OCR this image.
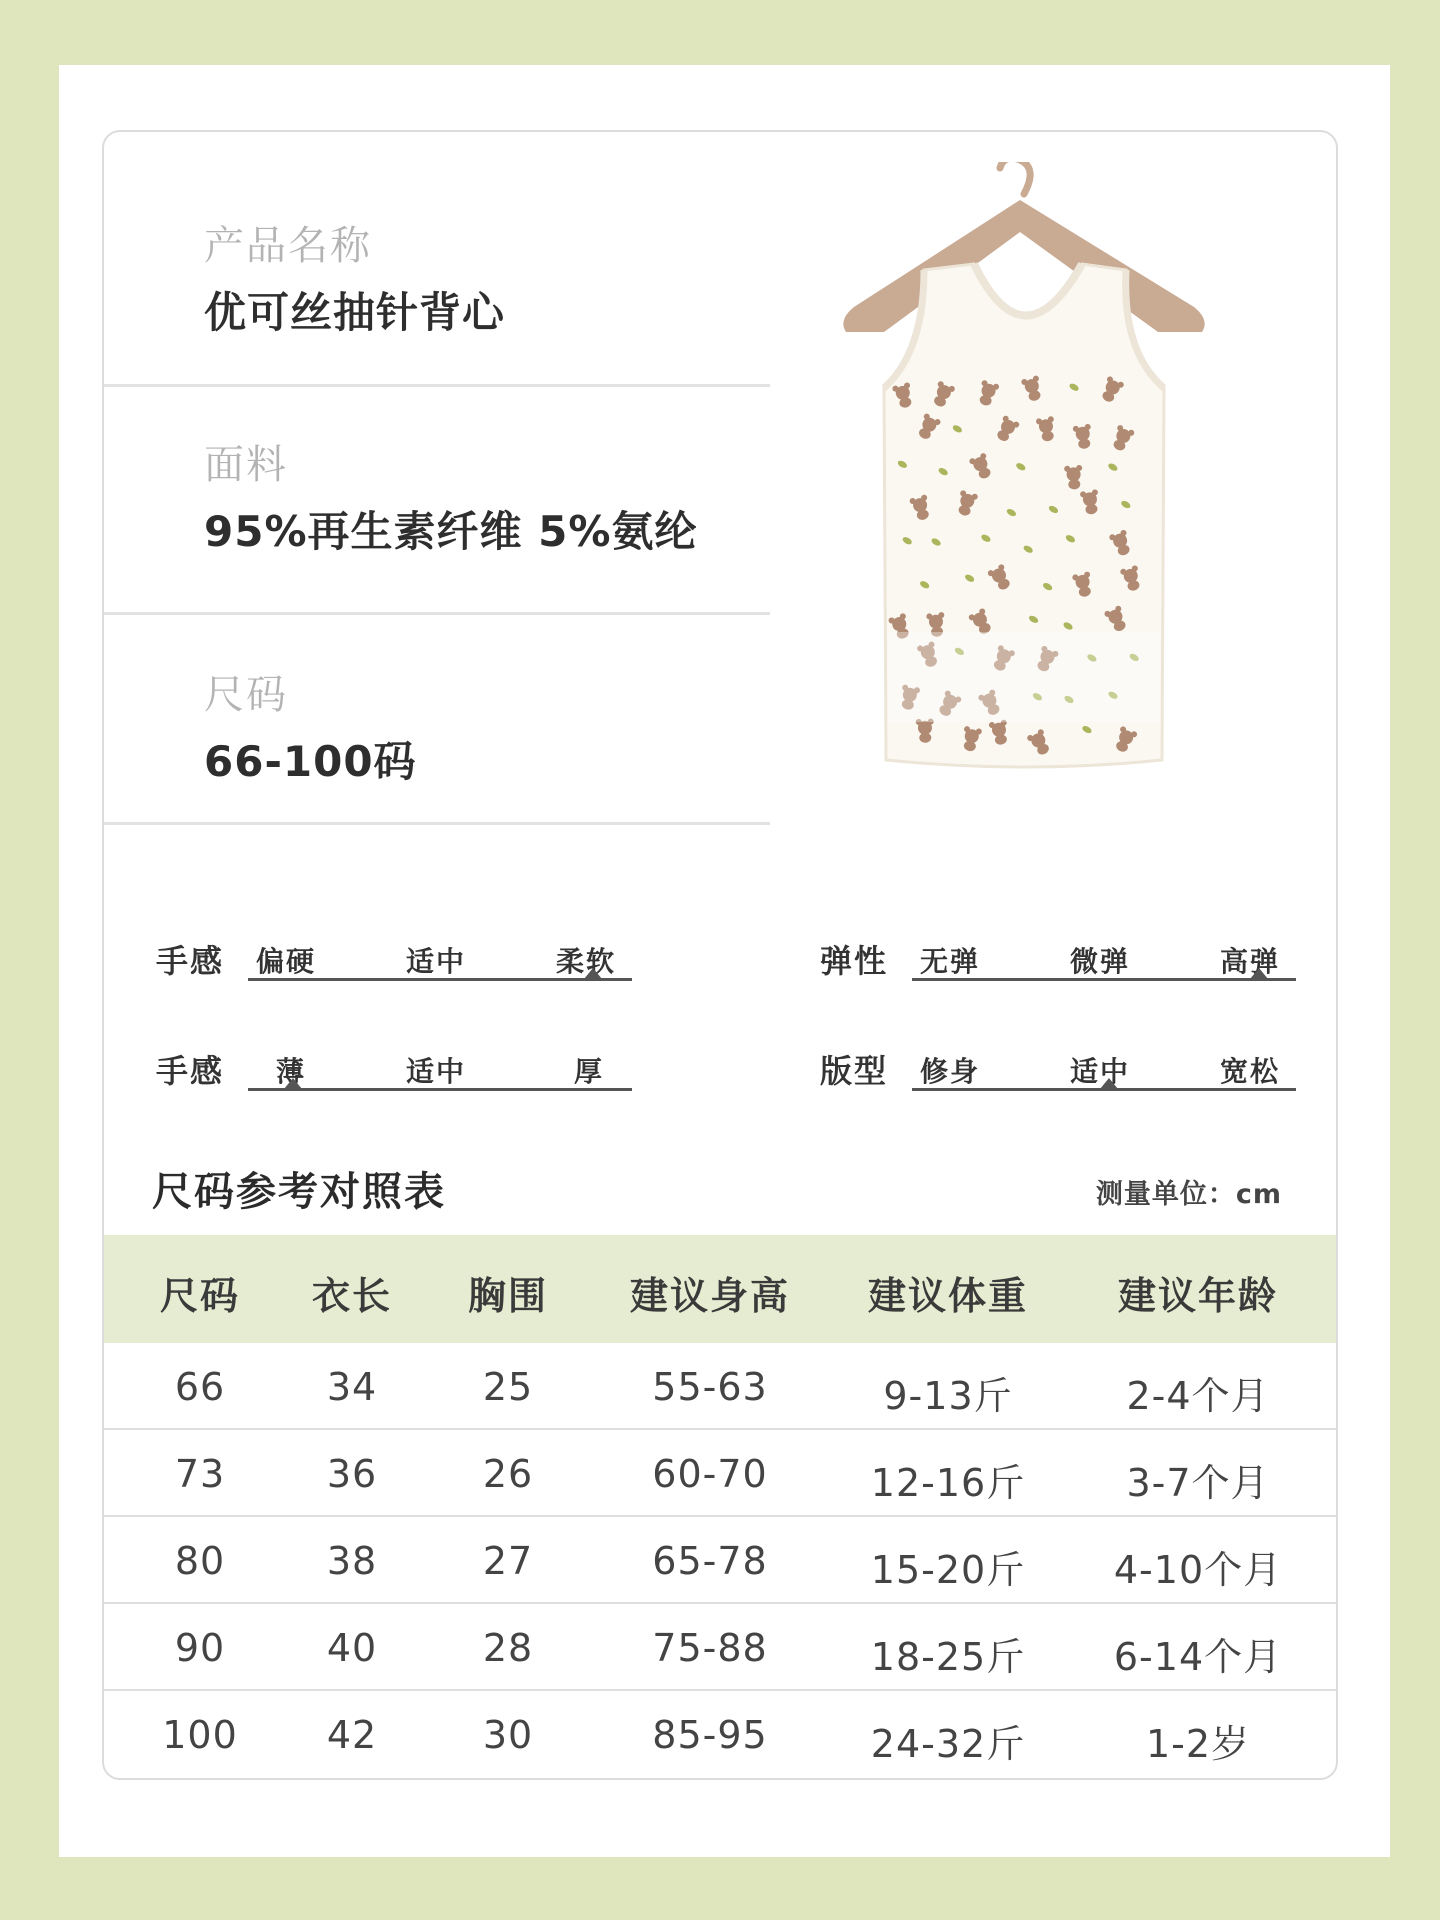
产品名称
优可丝抽针背心
面料
95%再生素纤维 5%氨纶
尺码
66-100码
手感 偏硬	适中	柔软	弹性 无弹	微弹	高弹
手感 薄	适中	厚	版型 修身	适中	宽松
尺码参考对照表	测量单位：cm
尺码	衣长	胸围	建议身高	建议体重	建议年龄
66	34	25	55-63	9-13斤	2-4个月
73	36	26	60-70	12-16斤	3-7个月
80	38	27	65-78	15-20斤	4-10个月
90	40	28	75-88	18-25斤	6-14个月
100	42	30	85-95	24-32斤	1-2岁
